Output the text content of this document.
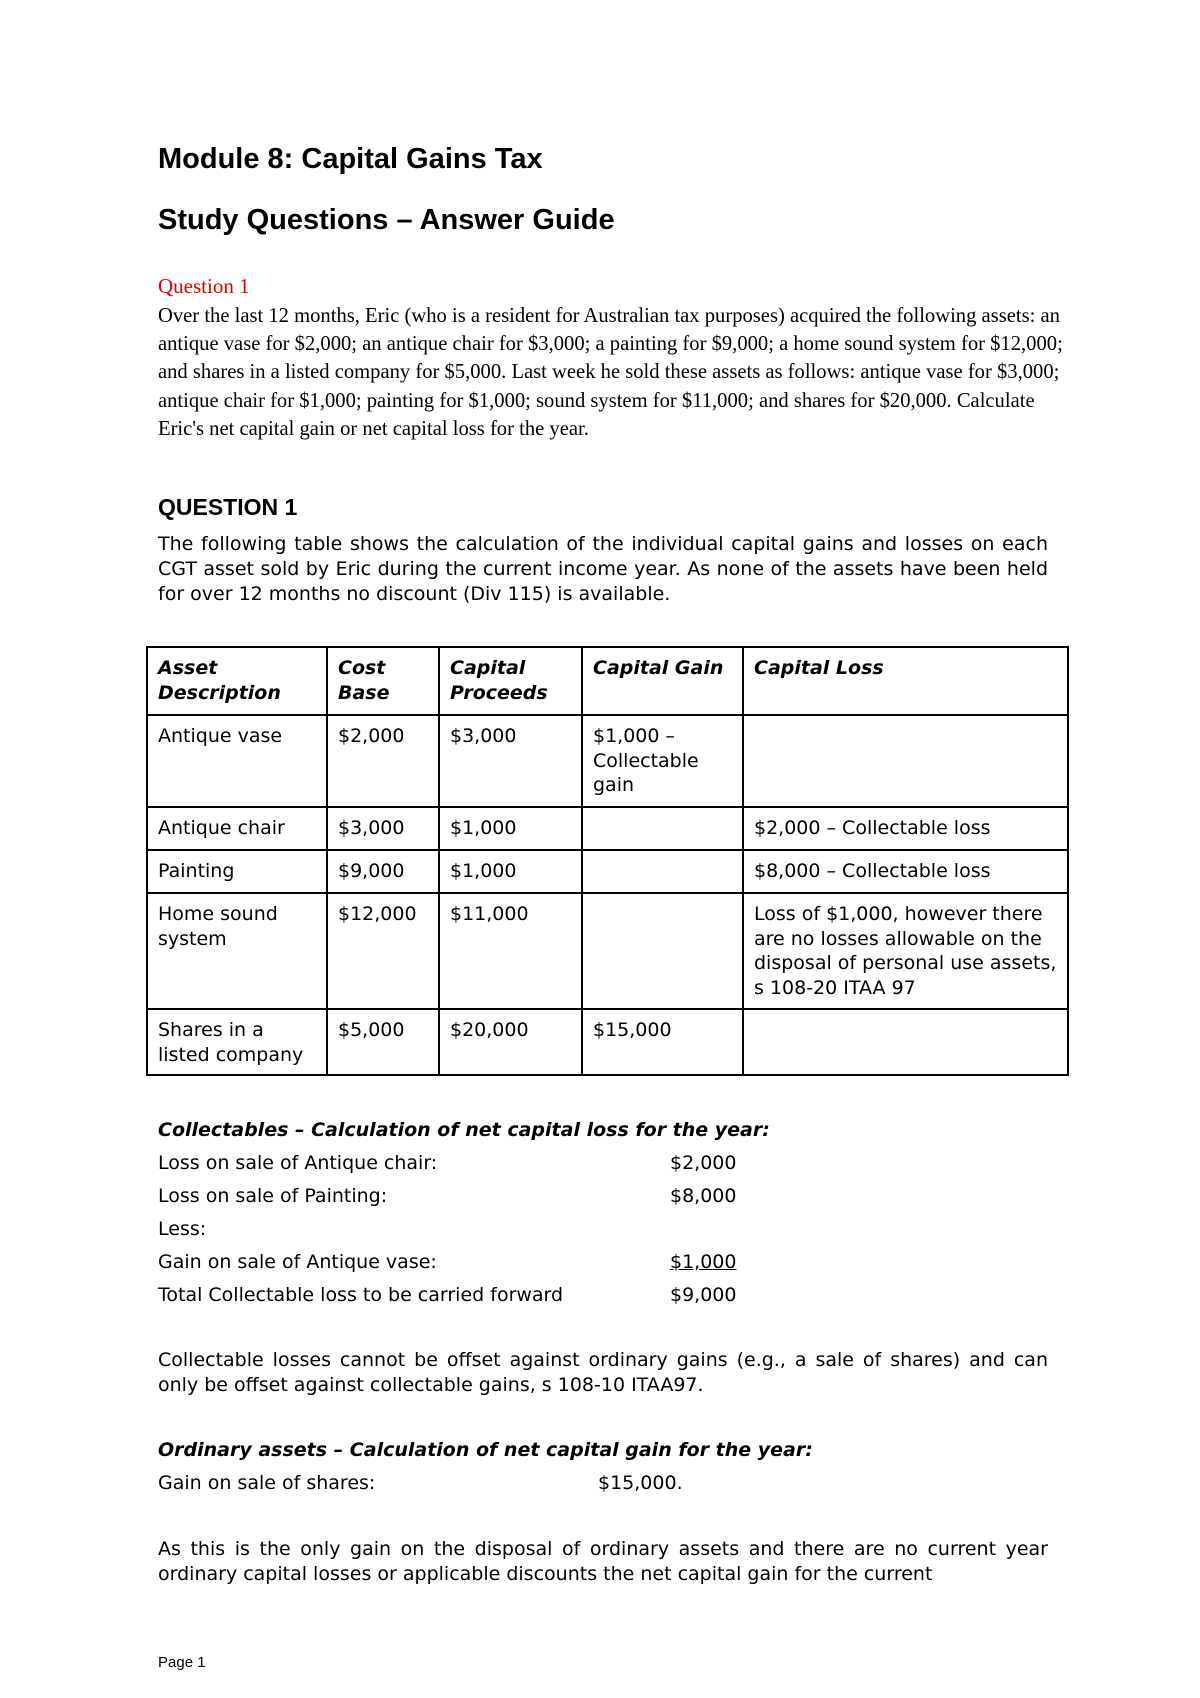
Module 8: Capital Gains Tax
Study Questions – Answer Guide

Question 1

Over the last 12 months, Eric (who is a resident for Australian tax purposes) acquired the following assets: an antique vase for $2,000; an antique chair for $3,000; a painting for $9,000; a home sound system for $12,000; and shares in a listed company for $5,000. Last week he sold these assets as follows: antique vase for $3,000; antique chair for $1,000; painting for $1,000; sound system for $11,000; and shares for $20,000. Calculate Eric's net capital gain or net capital loss for the year.

QUESTION 1

The following table shows the calculation of the individual capital gains and losses on each CGT asset sold by Eric during the current income year. As none of the assets have been held for over 12 months no discount (Div 115) is available.

Asset Description	Cost Base	Capital Proceeds	Capital Gain	Capital Loss
Antique vase	$2,000	$3,000	$1,000 – Collectable gain	
Antique chair	$3,000	$1,000		$2,000 – Collectable loss
Painting	$9,000	$1,000		$8,000 – Collectable loss
Home sound system	$12,000	$11,000		Loss of $1,000, however there are no losses allowable on the disposal of personal use assets, s 108-20 ITAA 97
Shares in a listed company	$5,000	$20,000	$15,000	

Collectables – Calculation of net capital loss for the year:

Loss on sale of Antique chair:	$2,000

Loss on sale of Painting:	$8,000

Less:

Gain on sale of Antique vase:	$1,000

Total Collectable loss to be carried forward	$9,000

Collectable losses cannot be offset against ordinary gains (e.g., a sale of shares) and can only be offset against collectable gains, s 108-10 ITAA97.

Ordinary assets – Calculation of net capital gain for the year:

Gain on sale of shares:	$15,000.

As this is the only gain on the disposal of ordinary assets and there are no current year ordinary capital losses or applicable discounts the net capital gain for the current

Page 1
